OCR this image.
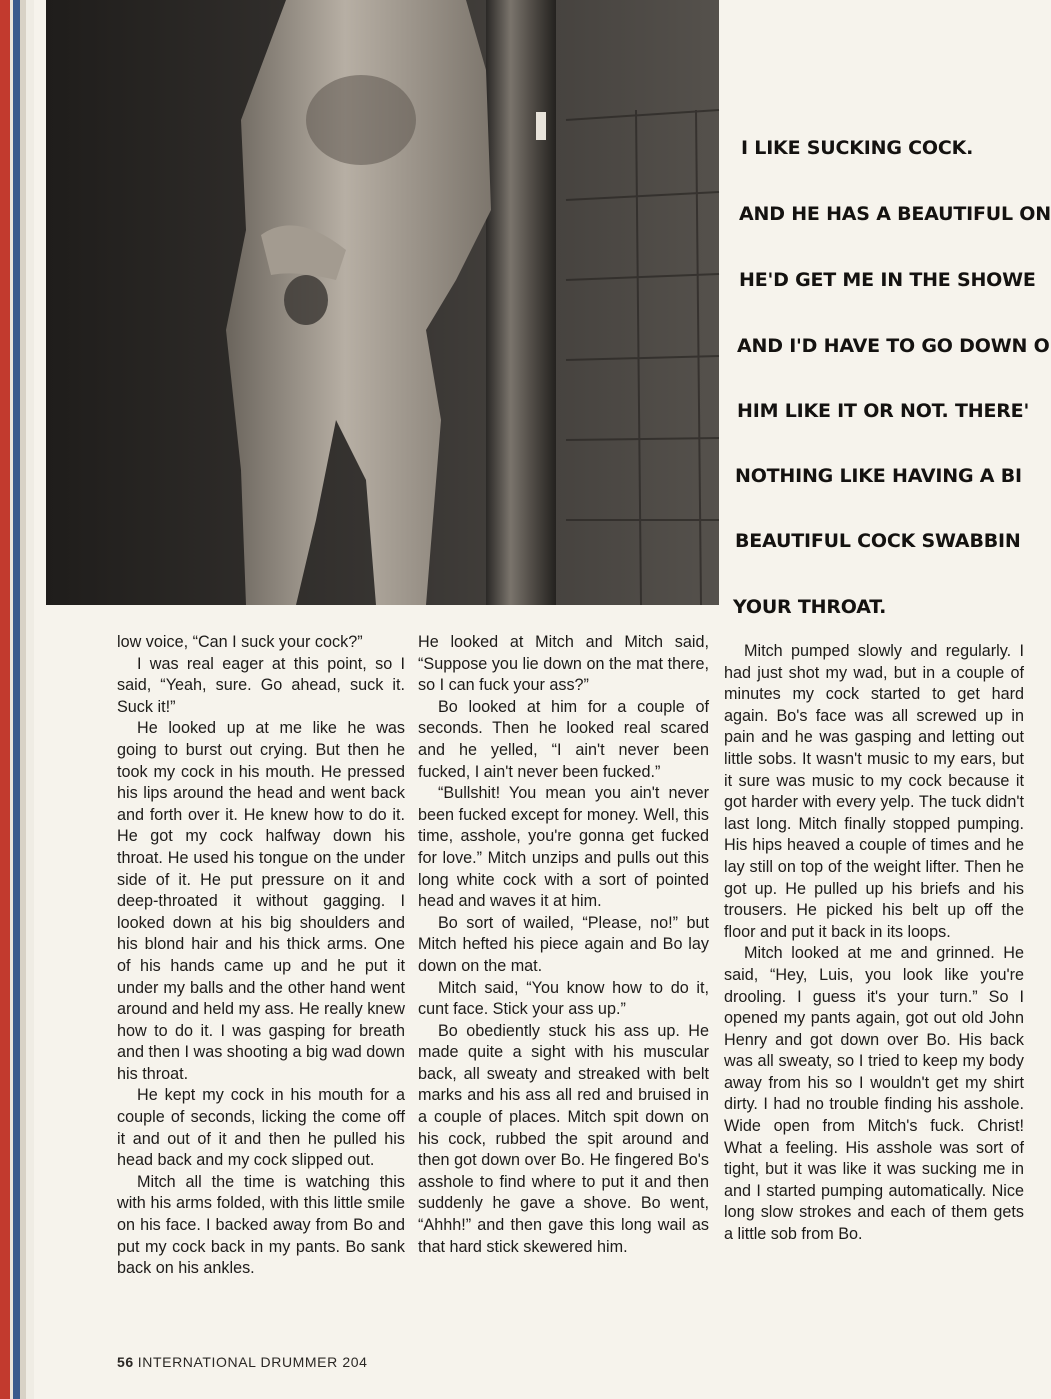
I LIKE SUCKING COCK.
AND HE HAS A BEAUTIFUL ON
HE'D GET ME IN THE SHOWE
AND I'D HAVE TO GO DOWN O
HIM LIKE IT OR NOT. THERE'
NOTHING LIKE HAVING A BI
BEAUTIFUL COCK SWABBIN
YOUR THROAT.

low voice, “Can I suck your cock?”

I was real eager at this point, so I said, “Yeah, sure. Go ahead, suck it. Suck it!”

He looked up at me like he was going to burst out crying. But then he took my cock in his mouth. He pressed his lips around the head and went back and forth over it. He knew how to do it. He got my cock halfway down his throat. He used his tongue on the under side of it. He put pressure on it and deep-throated it without gagging. I looked down at his big shoulders and his blond hair and his thick arms. One of his hands came up and he put it under my balls and the other hand went around and held my ass. He really knew how to do it. I was gasping for breath and then I was shooting a big wad down his throat.

He kept my cock in his mouth for a couple of seconds, licking the come off it and out of it and then he pulled his head back and my cock slipped out.

Mitch all the time is watching this with his arms folded, with this little smile on his face. I backed away from Bo and put my cock back in my pants. Bo sank back on his ankles.

He looked at Mitch and Mitch said, “Suppose you lie down on the mat there, so I can fuck your ass?”

Bo looked at him for a couple of seconds. Then he looked real scared and he yelled, “I ain't never been fucked, I ain't never been fucked.”

“Bullshit! You mean you ain't never been fucked except for money. Well, this time, asshole, you're gonna get fucked for love.” Mitch unzips and pulls out this long white cock with a sort of pointed head and waves it at him.

Bo sort of wailed, “Please, no!” but Mitch hefted his piece again and Bo lay down on the mat.

Mitch said, “You know how to do it, cunt face. Stick your ass up.”

Bo obediently stuck his ass up. He made quite a sight with his muscular back, all sweaty and streaked with belt marks and his ass all red and bruised in a couple of places. Mitch spit down on his cock, rubbed the spit around and then got down over Bo. He fingered Bo's asshole to find where to put it and then suddenly he gave a shove. Bo went, “Ahhh!” and then gave this long wail as that hard stick skewered him.

Mitch pumped slowly and regularly. I had just shot my wad, but in a couple of minutes my cock started to get hard again. Bo's face was all screwed up in pain and he was gasping and letting out little sobs. It wasn't music to my ears, but it sure was music to my cock because it got harder with every yelp. The tuck didn't last long. Mitch finally stopped pumping. His hips heaved a couple of times and he lay still on top of the weight lifter. Then he got up. He pulled up his briefs and his trousers. He picked his belt up off the floor and put it back in its loops.

Mitch looked at me and grinned. He said, “Hey, Luis, you look like you're drooling. I guess it's your turn.” So I opened my pants again, got out old John Henry and got down over Bo. His back was all sweaty, so I tried to keep my body away from his so I wouldn't get my shirt dirty. I had no trouble finding his asshole. Wide open from Mitch's fuck. Christ! What a feeling. His asshole was sort of tight, but it was like it was sucking me in and I started pumping automatically. Nice long slow strokes and each of them gets a little sob from Bo.

56 INTERNATIONAL DRUMMER 204
